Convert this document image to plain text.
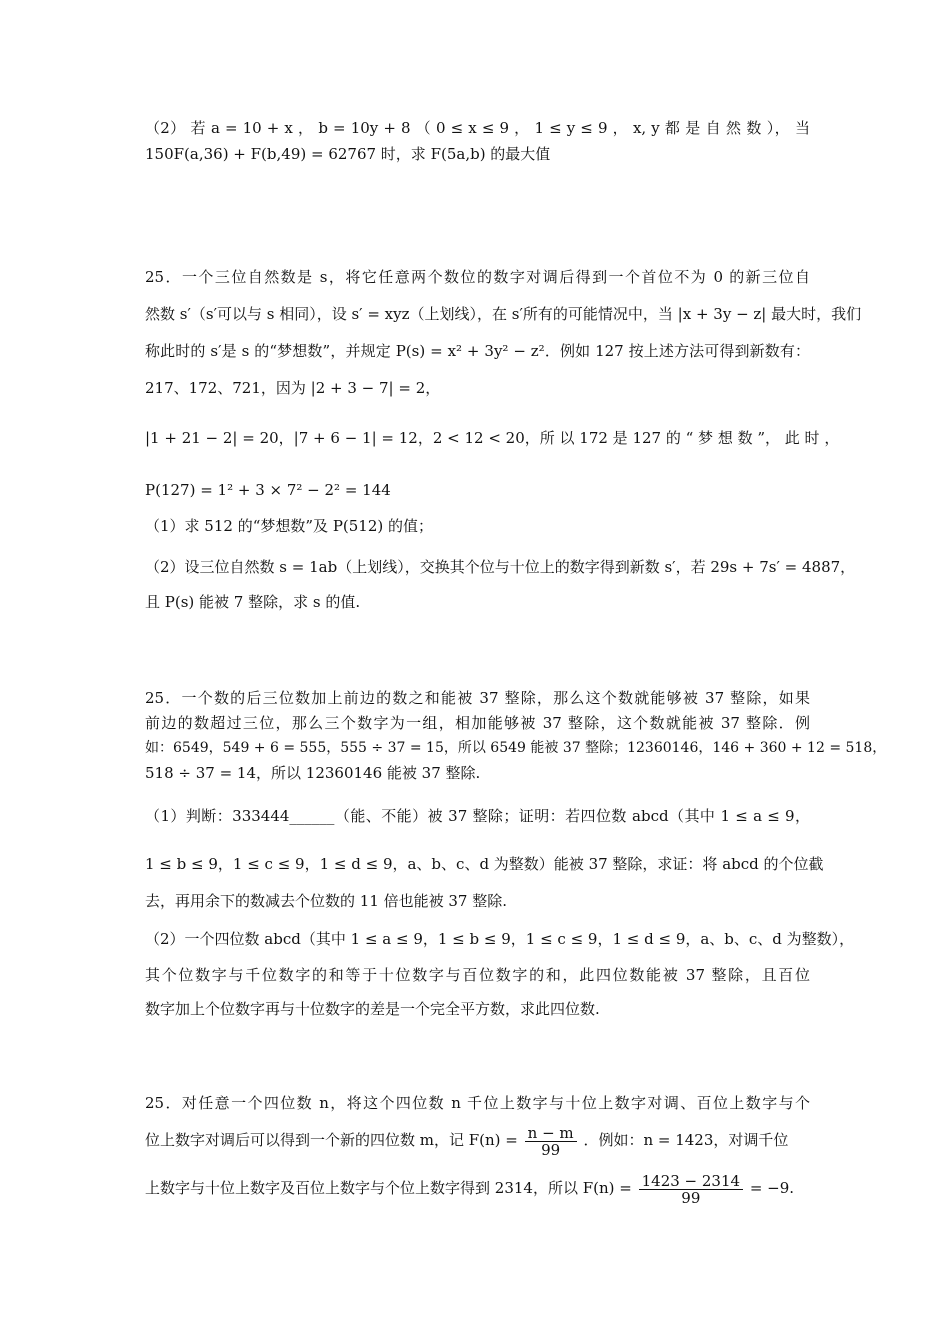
（2） 若 a = 10 + x ， b = 10y + 8 （ 0 ≤ x ≤ 9 ， 1 ≤ y ≤ 9 ， x, y 都 是 自 然 数 ）， 当
150F(a,36) + F(b,49) = 62767 时，求 F(5a,b) 的最大值
25．一个三位自然数是 s，将它任意两个数位的数字对调后得到一个首位不为 0 的新三位自
然数 s′（s′可以与 s 相同），设 s′ = xyz（上划线），在 s′所有的可能情况中，当 |x + 3y − z| 最大时，我们
称此时的 s′是 s 的“梦想数”，并规定 P(s) = x² + 3y² − z²．例如 127 按上述方法可得到新数有：
217、172、721，因为 |2 + 3 − 7| = 2，
|1 + 21 − 2| = 20，|7 + 6 − 1| = 12，2 < 12 < 20，所 以 172 是 127 的 “ 梦 想 数 ”， 此 时 ，
P(127) = 1² + 3 × 7² − 2² = 144
（1）求 512 的“梦想数”及 P(512) 的值；
（2）设三位自然数 s = 1ab（上划线），交换其个位与十位上的数字得到新数 s′，若 29s + 7s′ = 4887，
且 P(s) 能被 7 整除，求 s 的值.
25．一个数的后三位数加上前边的数之和能被 37 整除，那么这个数就能够被 37 整除，如果
前边的数超过三位，那么三个数字为一组，相加能够被 37 整除，这个数就能被 37 整除．例
如：6549，549 + 6 = 555，555 ÷ 37 = 15，所以 6549 能被 37 整除；12360146，146 + 360 + 12 = 518，
518 ÷ 37 = 14，所以 12360146 能被 37 整除.
（1）判断：333444______（能、不能）被 37 整除；证明：若四位数 abcd（其中 1 ≤ a ≤ 9，
1 ≤ b ≤ 9，1 ≤ c ≤ 9，1 ≤ d ≤ 9，a、b、c、d 为整数）能被 37 整除，求证：将 abcd 的个位截
去，再用余下的数减去个位数的 11 倍也能被 37 整除.
（2）一个四位数 abcd（其中 1 ≤ a ≤ 9，1 ≤ b ≤ 9，1 ≤ c ≤ 9，1 ≤ d ≤ 9，a、b、c、d 为整数），
其个位数字与千位数字的和等于十位数字与百位数字的和，此四位数能被 37 整除，且百位
数字加上个位数字再与十位数字的差是一个完全平方数，求此四位数.
25．对任意一个四位数 n，将这个四位数 n 千位上数字与十位上数字对调、百位上数字与个
位上数字对调后可以得到一个新的四位数 m，记 $F(n) = \frac{n - m}{99}$ ．例如：n = 1423，对调千位
上数字与十位上数字及百位上数字与个位上数字得到 2314，所以 $F(n) = \frac{1423 - 2314}{99} = -9$.
